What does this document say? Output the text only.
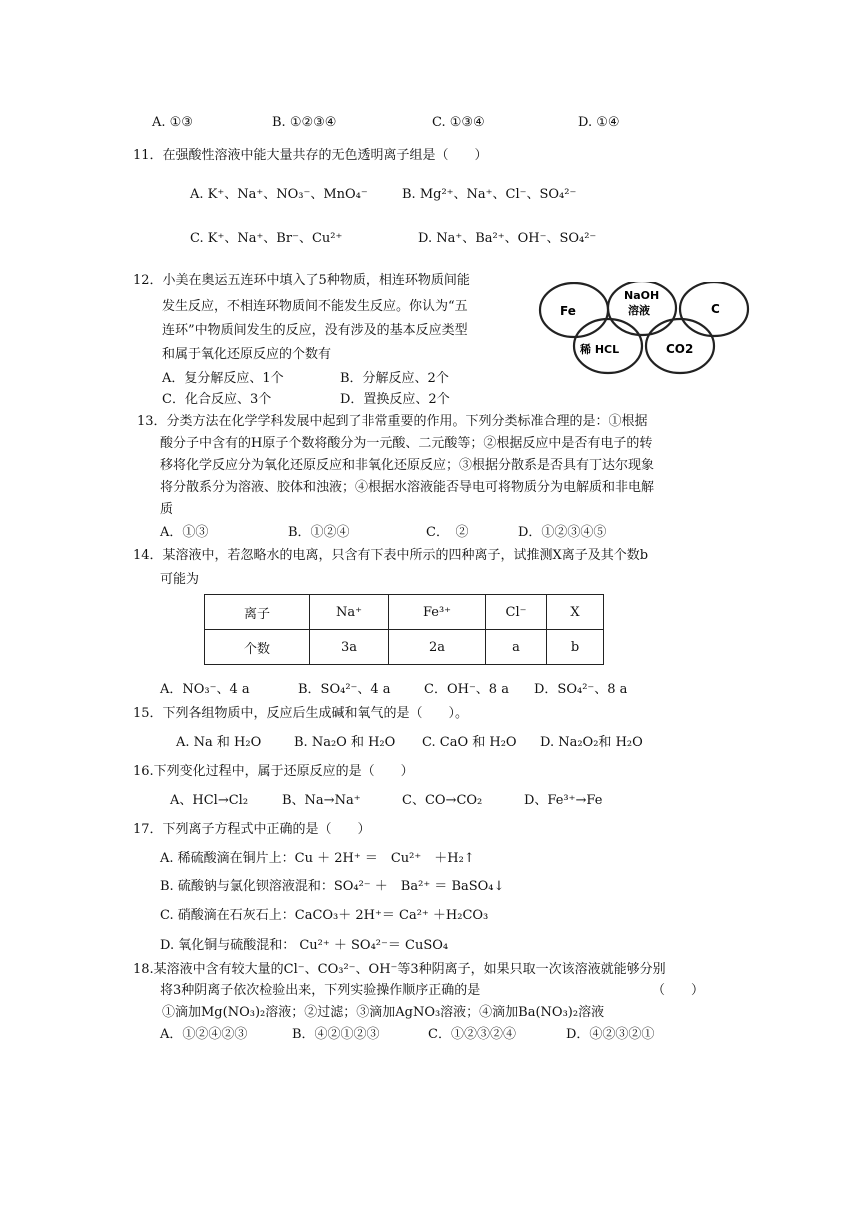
A. ①③	B. ①②③④	C. ①③④	D. ①④
11．在强酸性溶液中能大量共存的无色透明离子组是（　　）
A. K⁺、Na⁺、NO₃⁻、MnO₄⁻	B. Mg²⁺、Na⁺、Cl⁻、SO₄²⁻
C. K⁺、Na⁺、Br⁻、Cu²⁺	D. Na⁺、Ba²⁺、OH⁻、SO₄²⁻
12．小美在奥运五连环中填入了5种物质，相连环物质间能
发生反应，不相连环物质间不能发生反应。你认为“五
连环”中物质间发生的反应，没有涉及的基本反应类型
和属于氧化还原反应的个数有
A．复分解反应、1个	B．分解反应、2个
C．化合反应、3个	D．置换反应、2个
Fe
NaOH
溶液	C
稀 HCL	CO2
13．分类方法在化学学科发展中起到了非常重要的作用。下列分类标准合理的是：①根据
酸分子中含有的H原子个数将酸分为一元酸、二元酸等；②根据反应中是否有电子的转
移将化学反应分为氧化还原反应和非氧化还原反应；③根据分散系是否具有丁达尔现象
将分散系分为溶液、胶体和浊液；④根据水溶液能否导电可将物质分为电解质和非电解
质
A．①③	B．①②④	C．　②	D．①②③④⑤
14．某溶液中，若忽略水的电离，只含有下表中所示的四种离子，试推测X离子及其个数b
可能为
离子	Na⁺	Fe³⁺	Cl⁻	X
个数	3a	2a	a	b
A．NO₃⁻、4 a	B．SO₄²⁻、4 a	C．OH⁻、8 a D．SO₄²⁻、8 a
15．下列各组物质中，反应后生成碱和氧气的是（　　）。
A. Na 和 H₂O	B. Na₂O 和 H₂O C. CaO 和 H₂O D. Na₂O₂和 H₂O
16.下列变化过程中，属于还原反应的是（　　）
A、HCl→Cl₂	B、Na→Na⁺	C、CO→CO₂	D、Fe³⁺→Fe
17．下列离子方程式中正确的是（　　）
A. 稀硫酸滴在铜片上：Cu ＋ 2H⁺ ＝　Cu²⁺　＋H₂↑
B. 硫酸钠与氯化钡溶液混和：SO₄²⁻ ＋　Ba²⁺ ＝ BaSO₄↓
C. 硝酸滴在石灰石上：CaCO₃＋ 2H⁺＝ Ca²⁺ ＋H₂CO₃
D. 氧化铜与硫酸混和： Cu²⁺ ＋ SO₄²⁻＝ CuSO₄
18.某溶液中含有较大量的Cl⁻、CO₃²⁻、OH⁻等3种阴离子，如果只取一次该溶液就能够分别
将3种阴离子依次检验出来，下列实验操作顺序正确的是	（　　）
①滴加Mg(NO₃)₂溶液；②过滤；③滴加AgNO₃溶液；④滴加Ba(NO₃)₂溶液
A．①②④②③	B．④②①②③	C．①②③②④	D．④②③②①
